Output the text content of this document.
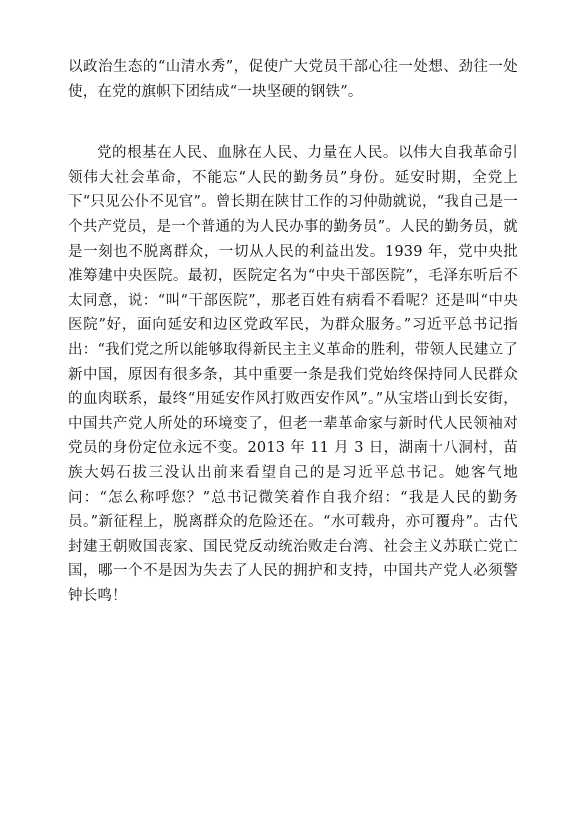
以政治生态的“山清水秀”，促使广大党员干部心往一处想、劲往一处使，在党的旗帜下团结成“一块坚硬的钢铁”。

党的根基在人民、血脉在人民、力量在人民。以伟大自我革命引领伟大社会革命，不能忘“人民的勤务员”身份。延安时期，全党上下“只见公仆不见官”。曾长期在陕甘工作的习仲勋就说，“我自己是一个共产党员，是一个普通的为人民办事的勤务员”。人民的勤务员，就是一刻也不脱离群众，一切从人民的利益出发。1939 年，党中央批准筹建中央医院。最初，医院定名为“中央干部医院”，毛泽东听后不太同意，说：“叫“干部医院”，那老百姓有病看不看呢？还是叫“中央医院”好，面向延安和边区党政军民，为群众服务。”习近平总书记指出：“我们党之所以能够取得新民主主义革命的胜利，带领人民建立了新中国，原因有很多条，其中重要一条是我们党始终保持同人民群众的血肉联系，最终“用延安作风打败西安作风”。”从宝塔山到长安街，中国共产党人所处的环境变了，但老一辈革命家与新时代人民领袖对党员的身份定位永远不变。2013 年 11 月 3 日，湖南十八洞村，苗族大妈石拔三没认出前来看望自己的是习近平总书记。她客气地问：“怎么称呼您？”总书记微笑着作自我介绍：“我是人民的勤务员。”新征程上，脱离群众的危险还在。“水可载舟，亦可覆舟”。古代封建王朝败国丧家、国民党反动统治败走台湾、社会主义苏联亡党亡国，哪一个不是因为失去了人民的拥护和支持，中国共产党人必须警钟长鸣！
